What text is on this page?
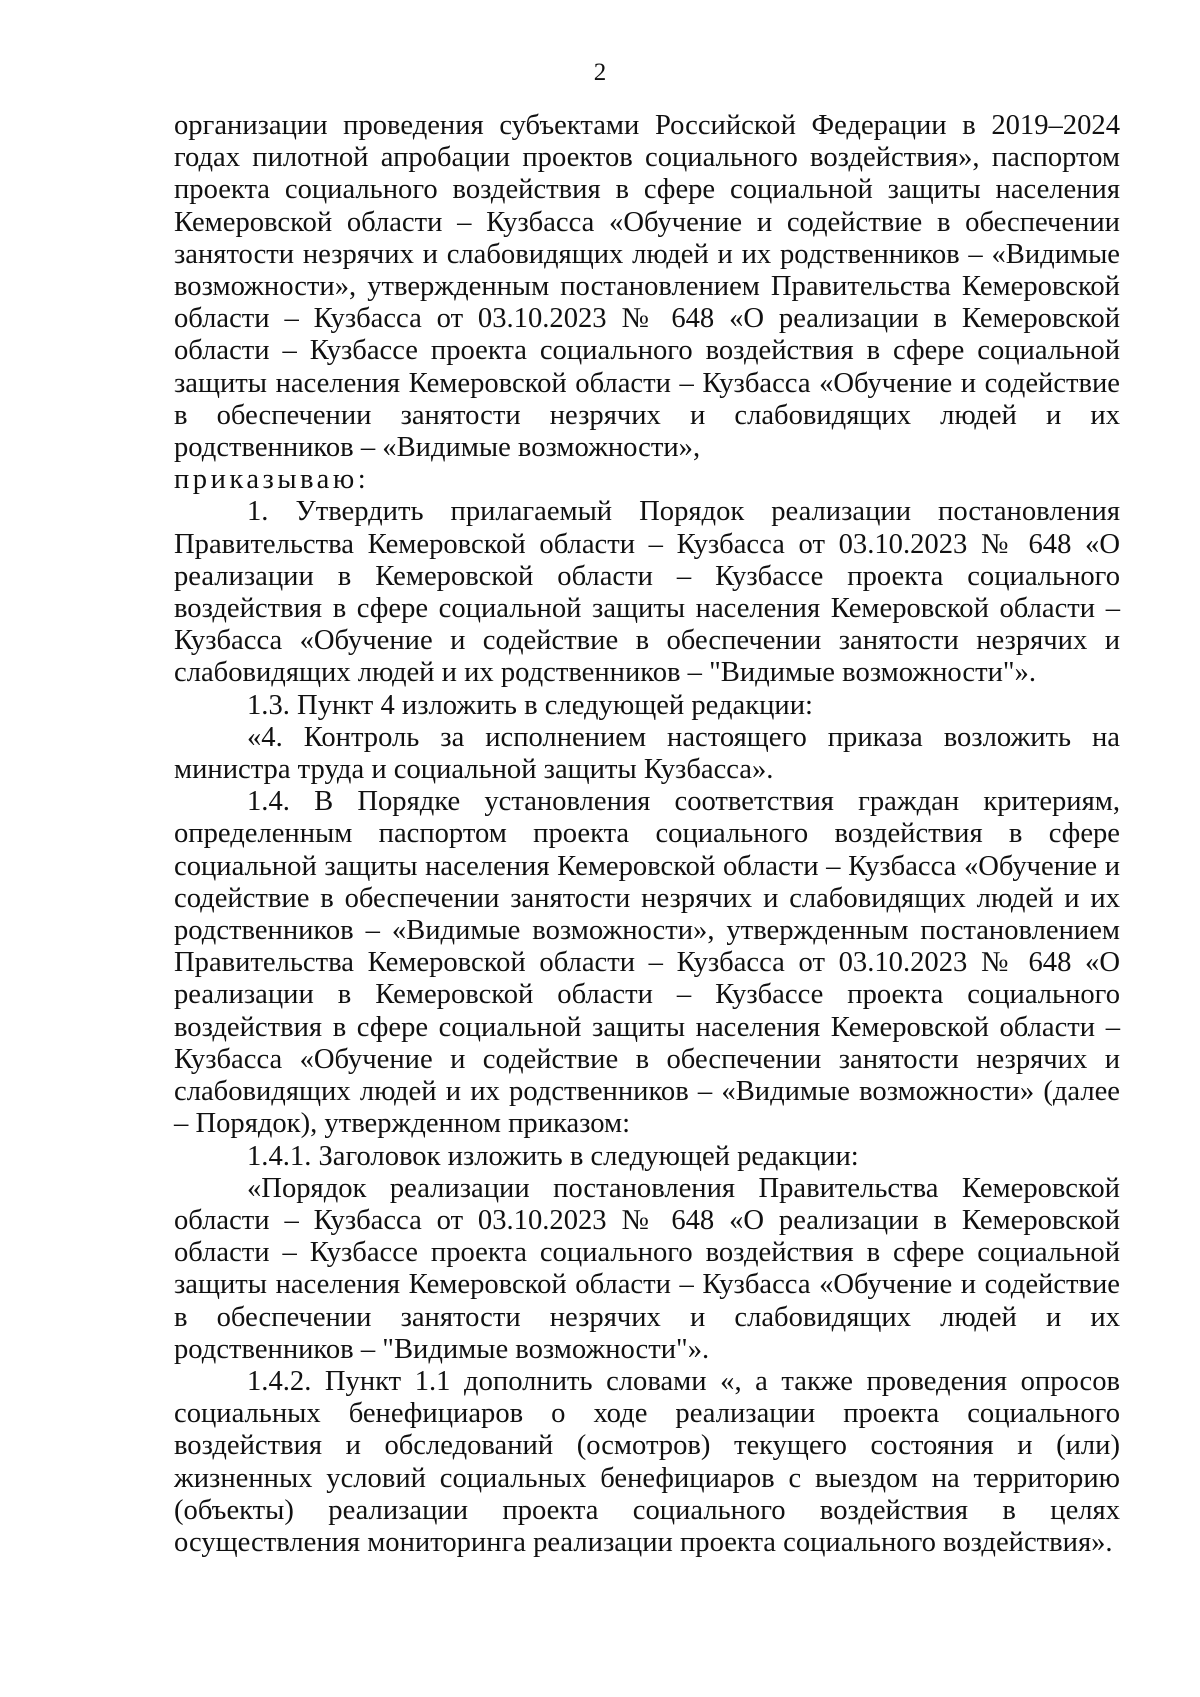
2

организации проведения субъектами Российской Федерации в 2019–2024 годах пилотной апробации проектов социального воздействия», паспортом проекта социального воздействия в сфере социальной защиты населения Кемеровской области – Кузбасса «Обучение и содействие в обеспечении занятости незрячих и слабовидящих людей и их родственников – «Видимые возможности», утвержденным постановлением Правительства Кемеровской области – Кузбасса от 03.10.2023 № 648 «О реализации в Кемеровской области – Кузбассе проекта социального воздействия в сфере социальной защиты населения Кемеровской области – Кузбасса «Обучение и содействие в обеспечении занятости незрячих и слабовидящих людей и их родственников – «Видимые возможности»,

приказываю:

1. Утвердить прилагаемый Порядок реализации постановления Правительства Кемеровской области – Кузбасса от 03.10.2023 № 648 «О реализации в Кемеровской области – Кузбассе проекта социального воздействия в сфере социальной защиты населения Кемеровской области – Кузбасса «Обучение и содействие в обеспечении занятости незрячих и слабовидящих людей и их родственников – "Видимые возможности"».

1.3. Пункт 4 изложить в следующей редакции:

«4. Контроль за исполнением настоящего приказа возложить на министра труда и социальной защиты Кузбасса».

1.4. В Порядке установления соответствия граждан критериям, определенным паспортом проекта социального воздействия в сфере социальной защиты населения Кемеровской области – Кузбасса «Обучение и содействие в обеспечении занятости незрячих и слабовидящих людей и их родственников – «Видимые возможности», утвержденным постановлением Правительства Кемеровской области – Кузбасса от 03.10.2023 № 648 «О реализации в Кемеровской области – Кузбассе проекта социального воздействия в сфере социальной защиты населения Кемеровской области – Кузбасса «Обучение и содействие в обеспечении занятости незрячих и слабовидящих людей и их родственников – «Видимые возможности» (далее – Порядок), утвержденном приказом:

1.4.1. Заголовок изложить в следующей редакции:

«Порядок реализации постановления Правительства Кемеровской области – Кузбасса от 03.10.2023 № 648 «О реализации в Кемеровской области – Кузбассе проекта социального воздействия в сфере социальной защиты населения Кемеровской области – Кузбасса «Обучение и содействие в обеспечении занятости незрячих и слабовидящих людей и их родственников – "Видимые возможности"».

1.4.2. Пункт 1.1 дополнить словами «, а также проведения опросов социальных бенефициаров о ходе реализации проекта социального воздействия и обследований (осмотров) текущего состояния и (или) жизненных условий социальных бенефициаров с выездом на территорию (объекты) реализации проекта социального воздействия в целях осуществления мониторинга реализации проекта социального воздействия».
